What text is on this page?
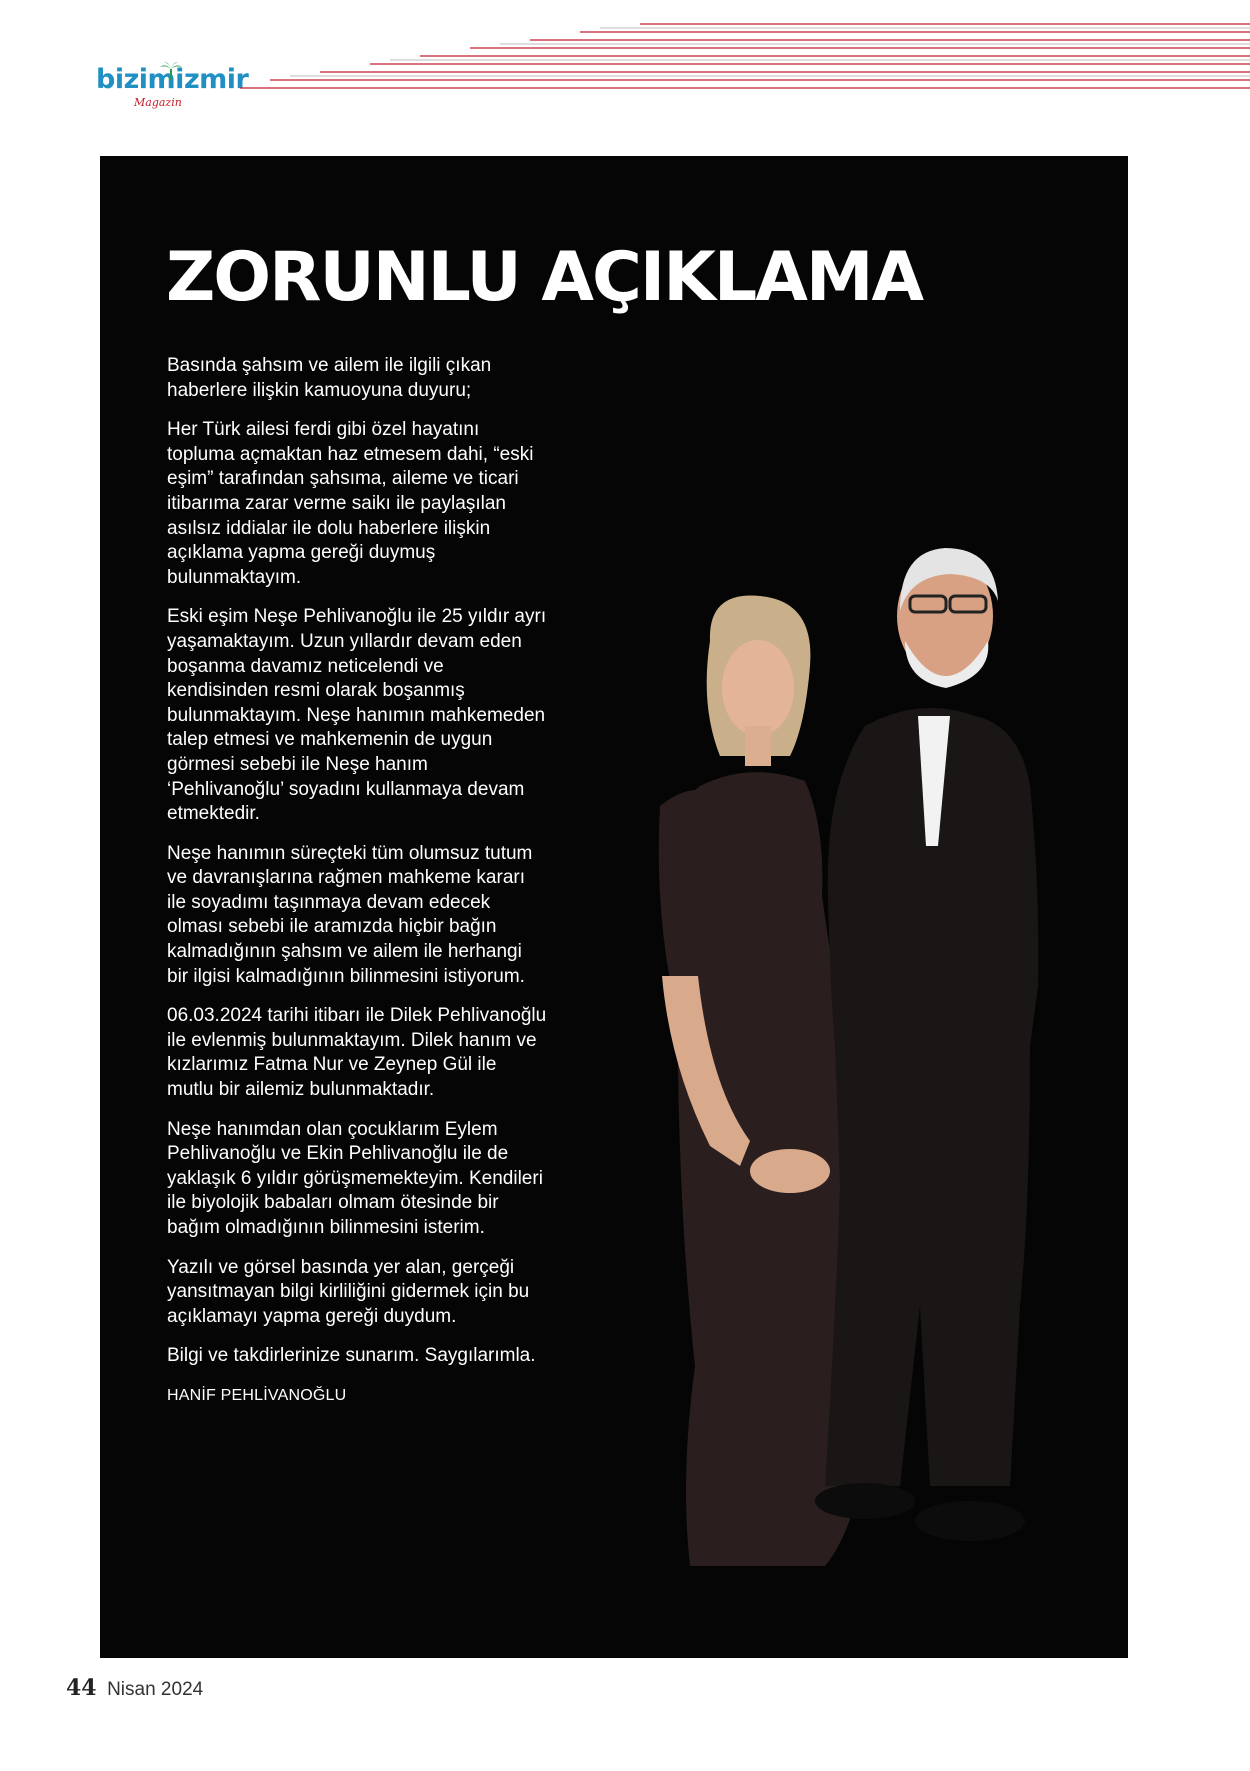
bizimizmir
Magazin
ZORUNLU AÇIKLAMA

Basında şahsım ve ailem ile ilgili çıkan haberlere ilişkin kamuoyuna duyuru;

Her Türk ailesi ferdi gibi özel hayatını topluma açmaktan haz etmesem dahi, “eski eşim” tarafından şahsıma, aileme ve ticari itibarıma zarar verme saikı ile paylaşılan asılsız iddialar ile dolu haberlere ilişkin açıklama yapma gereği duymuş bulunmaktayım.

Eski eşim Neşe Pehlivanoğlu ile 25 yıldır ayrı yaşamaktayım. Uzun yıllardır devam eden boşanma davamız neticelendi ve kendisinden resmi olarak boşanmış bulunmaktayım. Neşe hanımın mahkemeden talep etmesi ve mahkemenin de uygun görmesi sebebi ile Neşe hanım ‘Pehlivanoğlu’ soyadını kullanmaya devam etmektedir.

Neşe hanımın süreçteki tüm olumsuz tutum ve davranışlarına rağmen mahkeme kararı ile soyadımı taşınmaya devam edecek olması sebebi ile aramızda hiçbir bağın kalmadığının şahsım ve ailem ile herhangi bir ilgisi kalmadığının bilinmesini istiyorum.

06.03.2024 tarihi itibarı ile Dilek Pehlivanoğlu ile evlenmiş bulunmaktayım. Dilek hanım ve kızlarımız Fatma Nur ve Zeynep Gül ile mutlu bir ailemiz bulunmaktadır.

Neşe hanımdan olan çocuklarım Eylem Pehlivanoğlu ve Ekin Pehlivanoğlu ile de yaklaşık 6 yıldır görüşmemekteyim. Kendileri ile biyolojik babaları olmam ötesinde bir bağım olmadığının bilinmesini isterim.

Yazılı ve görsel basında yer alan, gerçeği yansıtmayan bilgi kirliliğini gidermek için bu açıklamayı yapma gereği duydum.

Bilgi ve takdirlerinize sunarım. Saygılarımla.

HANİF PEHLİVANOĞLU

44 Nisan 2024
